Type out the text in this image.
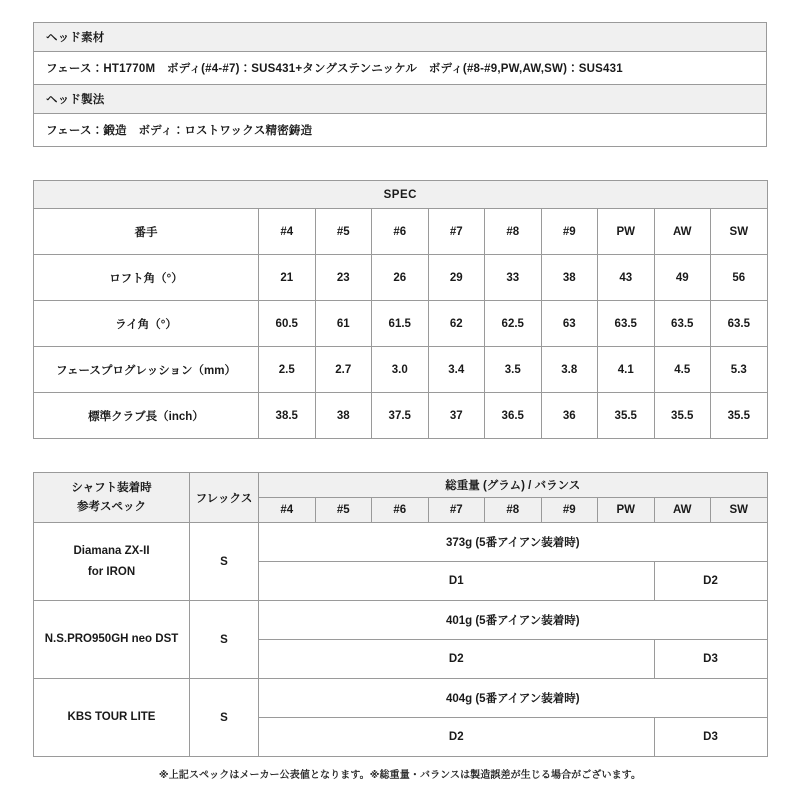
ヘッド素材
フェース：HT1770M　ボディ(#4-#7)：SUS431+タングステンニッケル　ボディ(#8-#9,PW,AW,SW)：SUS431
ヘッド製法
フェース：鍛造　ボディ：ロストワックス精密鋳造
SPEC									
番手	#4	#5	#6	#7	#8	#9	PW	AW	SW
ロフト角（°）	21	23	26	29	33	38	43	49	56
ライ角（°）	60.5	61	61.5	62	62.5	63	63.5	63.5	63.5
フェースプログレッション（mm）	2.5	2.7	3.0	3.4	3.5	3.8	4.1	4.5	5.3
標準クラブ長（inch）	38.5	38	37.5	37	36.5	36	35.5	35.5	35.5
シャフト装着時
参考スペック	フレックス	総重量 (グラム) / バランス								
		#4	#5	#6	#7	#8	#9	PW	AW	SW

Diamana ZX-II
for IRON	S	373g (5番アイアン装着時)								
		D1							D2	

N.S.PRO950GH neo DST	S	401g (5番アイアン装着時)								
		D2							D3	

KBS TOUR LITE	S	404g (5番アイアン装着時)								
		D2							D3	
※上記スペックはメーカー公表値となります。※総重量・バランスは製造誤差が生じる場合がございます。
